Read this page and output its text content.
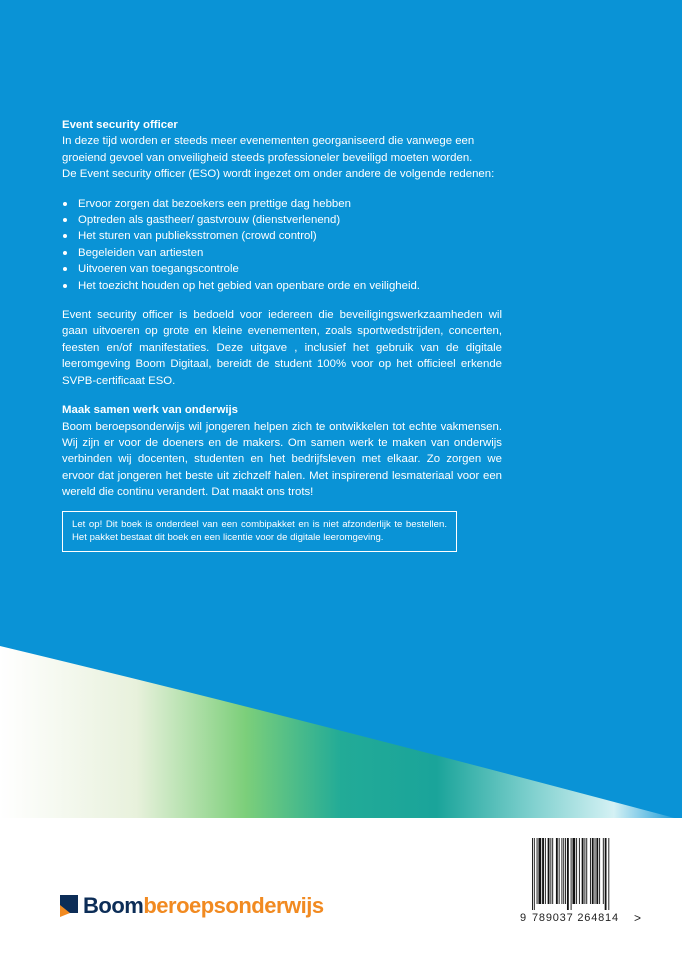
Event security officer

In deze tijd worden er steeds meer evenementen georganiseerd die vanwege een groeiend gevoel van onveiligheid steeds professioneler beveiligd moeten worden.

De Event security officer (ESO) wordt ingezet om onder andere de volgende redenen:

Ervoor zorgen dat bezoekers een prettige dag hebben
Optreden als gastheer/ gastvrouw (dienstverlenend)
Het sturen van publieksstromen (crowd control)
Begeleiden van artiesten
Uitvoeren van toegangscontrole
Het toezicht houden op het gebied van openbare orde en veiligheid.

Event security officer is bedoeld voor iedereen die beveiligingswerkzaamheden wil gaan uitvoeren op grote en kleine evenementen, zoals sportwedstrijden, concerten, feesten en/of manifestaties. Deze uitgave , inclusief het gebruik van de digitale leeromgeving Boom Digitaal, bereidt de student 100% voor op het officieel erkende SVPB-certificaat ESO.

Maak samen werk van onderwijs

Boom beroepsonderwijs wil jongeren helpen zich te ontwikkelen tot echte vakmensen. Wij zijn er voor de doeners en de makers. Om samen werk te maken van onderwijs verbinden wij docenten, studenten en het bedrijfsleven met elkaar. Zo zorgen we ervoor dat jongeren het beste uit zichzelf halen. Met inspirerend lesmateriaal voor een wereld die continu verandert. Dat maakt ons trots!

Let op! Dit boek is onderdeel van een combipakket en is niet afzonderlijk te bestellen. Het pakket bestaat dit boek en een licentie voor de digitale leeromgeving.
Boomberoepsonderwijs	9 789037 264814 >
